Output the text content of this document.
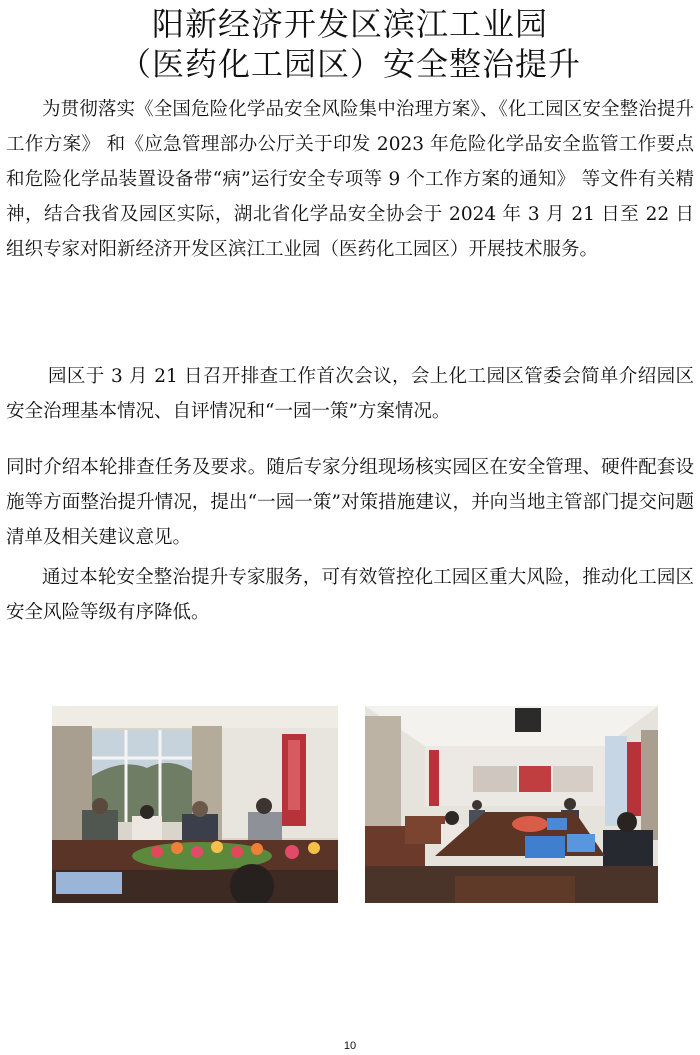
阳新经济开发区滨江工业园
（医药化工园区）安全整治提升

为贯彻落实《全国危险化学品安全风险集中治理方案》、《化工园区安全整治提升工作方案》 和《应急管理部办公厅关于印发 2023 年危险化学品安全监管工作要点和危险化学品装置设备带“病”运行安全专项等 9 个工作方案的通知》 等文件有关精神，结合我省及园区实际，湖北省化学品安全协会于 2024 年 3 月 21 日至 22 日组织专家对阳新经济开发区滨江工业园（医药化工园区）开展技术服务。

园区于 3 月 21 日召开排查工作首次会议，会上化工园区管委会简单介绍园区安全治理基本情况、自评情况和“一园一策”方案情况。

同时介绍本轮排查任务及要求。随后专家分组现场核实园区在安全管理、硬件配套设施等方面整治提升情况，提出“一园一策”对策措施建议，并向当地主管部门提交问题清单及相关建议意见。

通过本轮安全整治提升专家服务，可有效管控化工园区重大风险，推动化工园区安全风险等级有序降低。

10
